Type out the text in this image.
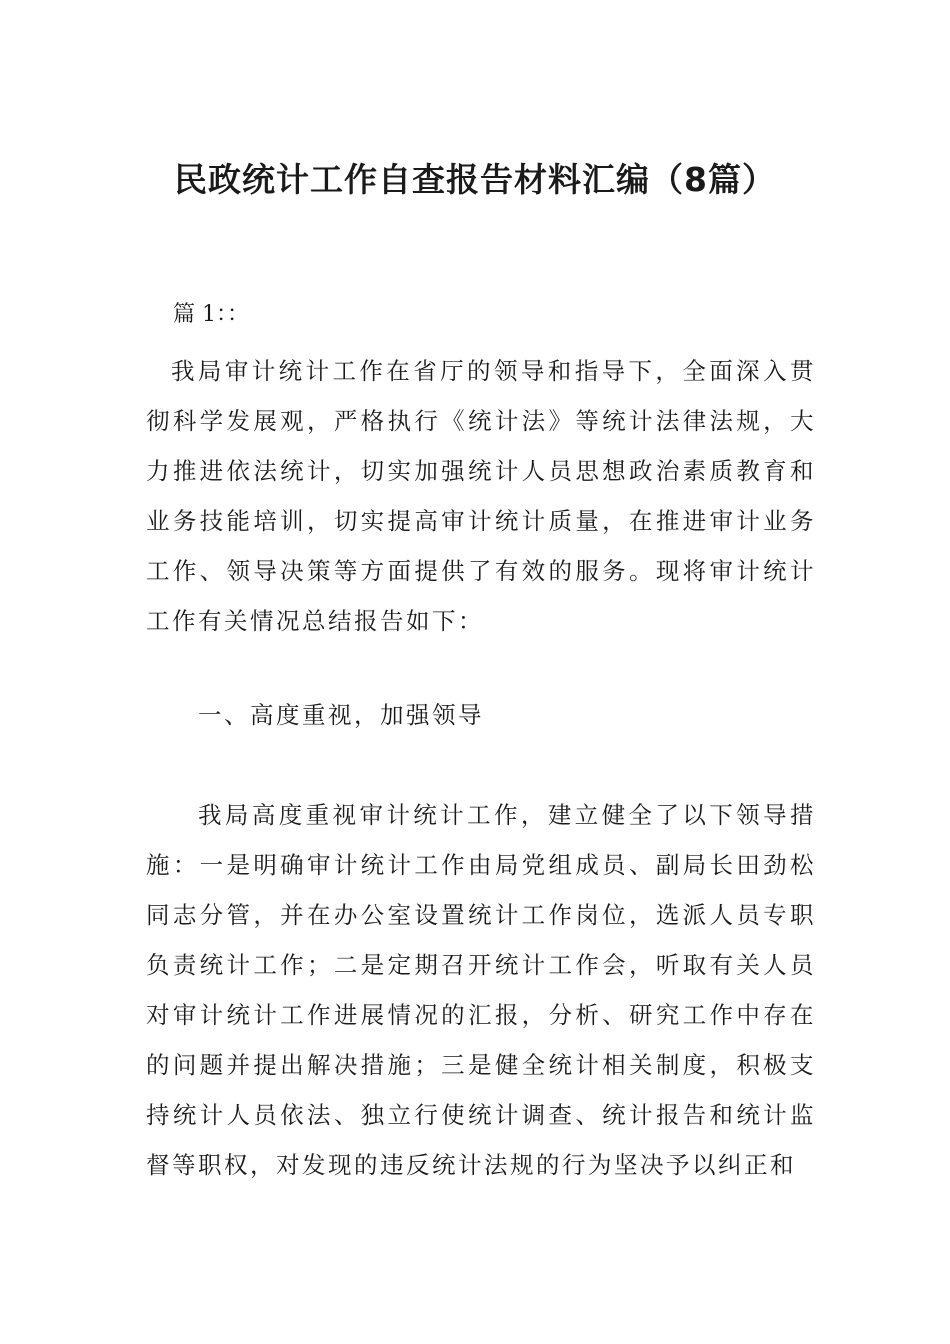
民政统计工作自查报告材料汇编（8篇）

篇 1：：

我局审计统计工作在省厅的领导和指导下，全面深入贯彻科学发展观，严格执行《统计法》等统计法律法规，大力推进依法统计，切实加强统计人员思想政治素质教育和业务技能培训，切实提高审计统计质量，在推进审计业务工作、领导决策等方面提供了有效的服务。现将审计统计工作有关情况总结报告如下：

一、高度重视，加强领导

我局高度重视审计统计工作，建立健全了以下领导措施：一是明确审计统计工作由局党组成员、副局长田劲松同志分管，并在办公室设置统计工作岗位，选派人员专职负责统计工作；二是定期召开统计工作会，听取有关人员对审计统计工作进展情况的汇报，分析、研究工作中存在的问题并提出解决措施；三是健全统计相关制度，积极支持统计人员依法、独立行使统计调查、统计报告和统计监督等职权，对发现的违反统计法规的行为坚决予以纠正和
